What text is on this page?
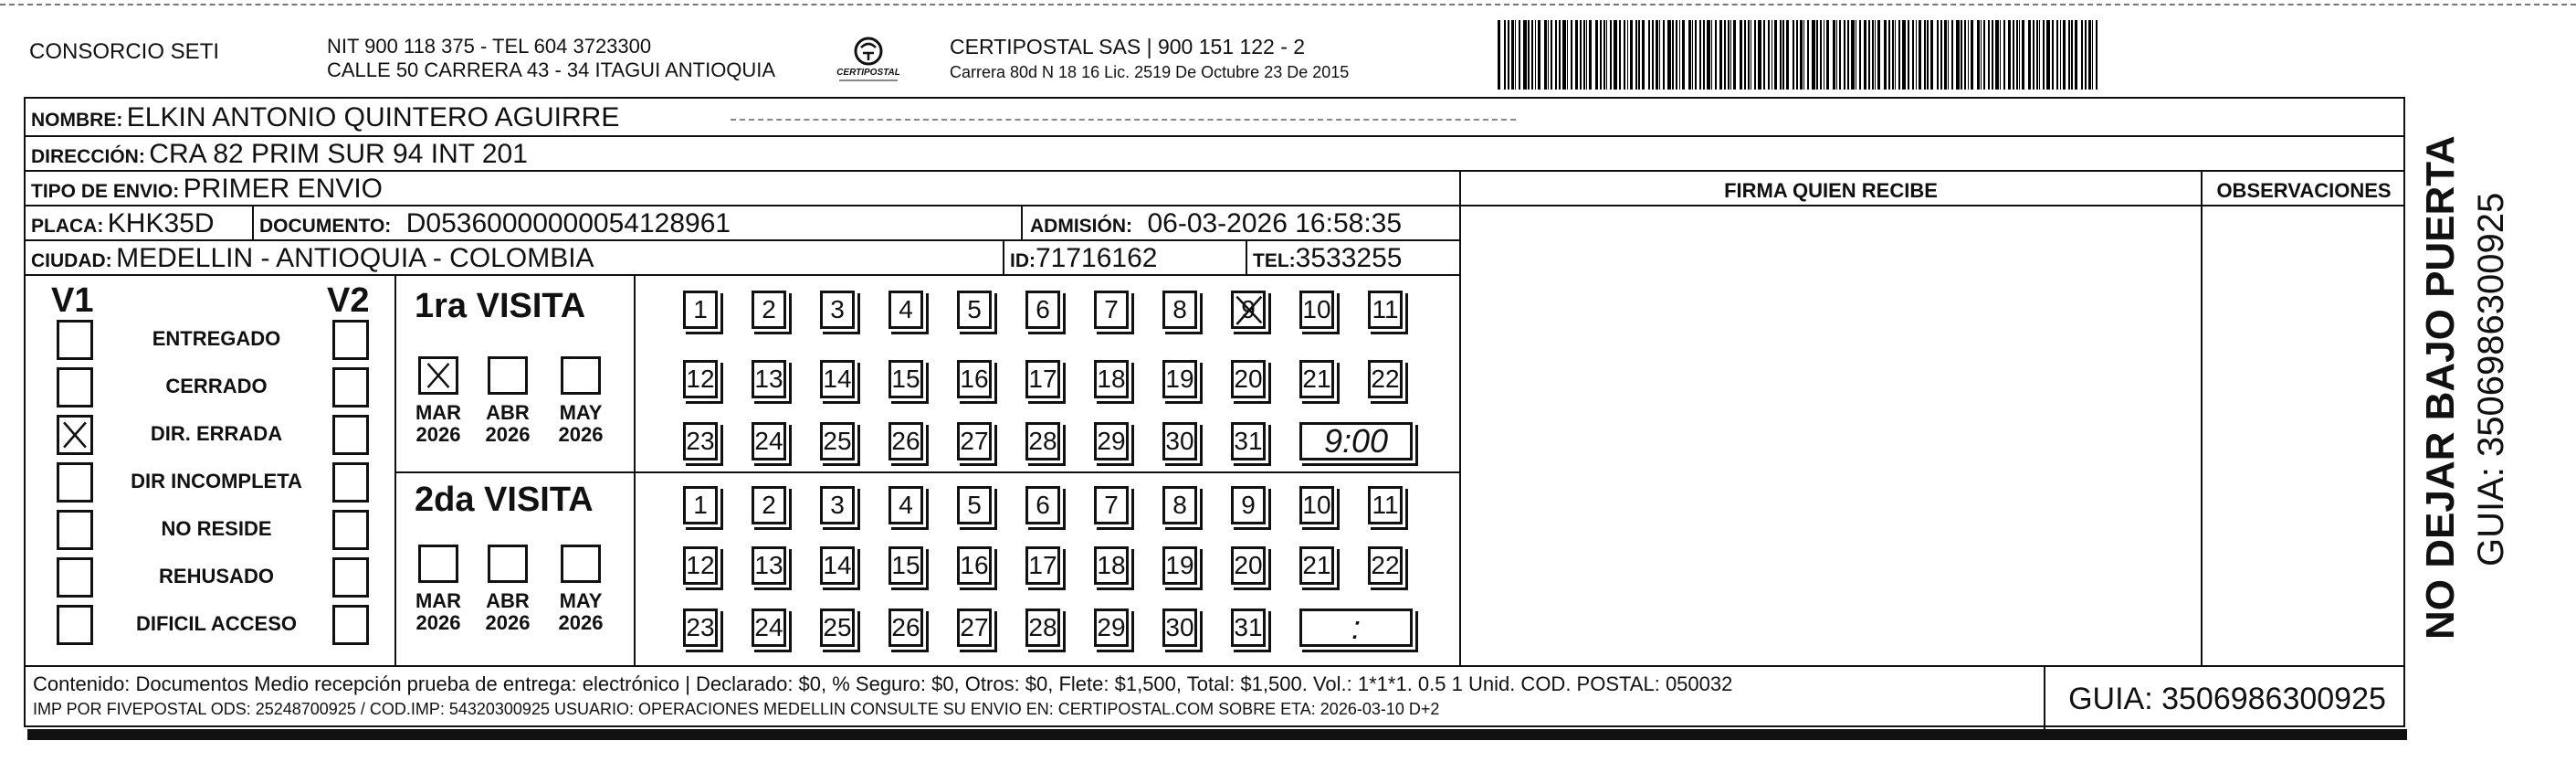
CONSORCIO SETI	NIT 900 118 375 - TEL 604 3723300
CALLE 50 CARRERA 43 - 34 ITAGUI ANTIOQUIA	CERTIPOSTAL
CERTIPOSTAL SAS | 900 151 122 - 2
Carrera 80d N 18 16 Lic. 2519 De Octubre 23 De 2015
NOMBRE: ELKIN ANTONIO QUINTERO AGUIRRE
DIRECCIÓN: CRA 82 PRIM SUR 94 INT 201
TIPO DE ENVIO: PRIMER ENVIO	FIRMA QUIEN RECIBE	OBSERVACIONES
PLACA: KHK35D DOCUMENTO: D05360000000054128961	ADMISIÓN: 06-03-2026 16:58:35
CIUDAD: MEDELLIN - ANTIOQUIA - COLOMBIA	ID:71716162	TEL:3533255
V1	V2
ENTREGADO
CERRADO
DIR. ERRADA
DIR INCOMPLETA
NO RESIDE
REHUSADO
DIFICIL ACCESO
1ra VISITA
MAR
2026
ABR
2026
MAY
2026
1 2 3 4 5 6 7 8 9 10 11
12 13 14 15 16 17 18 19 20 21 22
23 24 25 26 27 28 29 30 31 9:00
2da VISITA
MAR
2026
ABR
2026
MAY
2026
1 2 3 4 5 6 7 8 9 10 11
12 13 14 15 16 17 18 19 20 21 22
23 24 25 26 27 28 29 30 31	:
Contenido: Documentos Medio recepción prueba de entrega: electrónico | Declarado: $0, % Seguro: $0, Otros: $0, Flete: $1,500, Total: $1,500. Vol.: 1*1*1. 0.5 1 Unid. COD. POSTAL: 050032
IMP POR FIVEPOSTAL ODS: 25248700925 / COD.IMP: 54320300925 USUARIO: OPERACIONES MEDELLIN CONSULTE SU ENVIO EN: CERTIPOSTAL.COM SOBRE ETA: 2026-03-10 D+2	GUIA: 3506986300925
NO DEJAR BAJO PUERTA GUIA: 3506986300925
